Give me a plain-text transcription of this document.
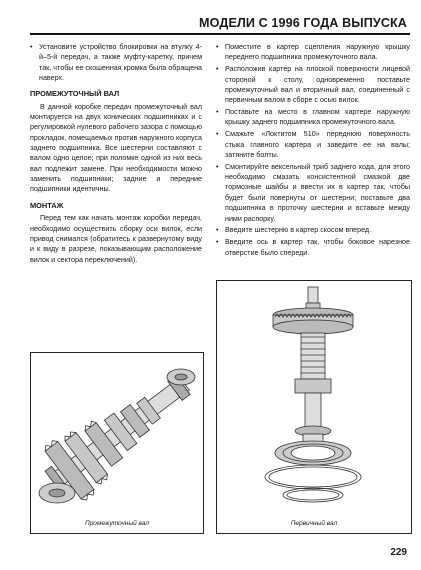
МОДЕЛИ С 1996 ГОДА ВЫПУСКА
• Установите устройство блокировки на втулку 4-й–5-й передач, а также муфту-каретку, причем так, чтобы ее скошенная кромка была обращена наверх.
ПРОМЕЖУТОЧНЫЙ ВАЛ

В данной коробке передач промежуточный вал монтируется на двух конических подшипниках и с регулировкой нулевого рабочего зазора с помощью прокладок, помещаемых против наружного корпуса заднего подшипника. Все шестерни составляют с валом одно целое; при поломке одной из них весь вал подлежит замене. При необходимости можно заменить подшипники; задние и передние подшипники идентичны.

МОНТАЖ

Перед тем как начать монтаж коробки передач, необходимо осуществить сборку оси вилок, если привод снимался (обратитесь к развернутому виду и к виду в разрезе, показывающим расположение вилок и сектора переключений).

Промежуточный вал
• Поместите в картер сцепления наружную крышку переднего подшипника промежуточного вала.
• Расположив картер на плоской поверхности лицевой стороной к столу, одновременно поставьте промежуточный вал и вторичный вал, соединенный с первичным валом в сборе с осью вилок.
• Поставьте на место в главном картере наружную крышку заднего подшипника промежуточного вала.
• Смажьте «Локтитом 510» переднюю поверхность стыка главного картера и заведите ее на валы; затяните болты.
• Смонтируйте вексельный триб заднего хода, для этого необходимо смазать консистентной смазкой две тормозные шайбы и ввести их в картер так, чтобы будет были повернуты от шестерни; поставьте два подшипника в проточку шестерни и вставьте между ними распорку.
• Введите шестерню в картер скосом вперед.
• Введите ось в картер так, чтобы боковое нарезное отверстие было спереди.
Первичный вал
229
